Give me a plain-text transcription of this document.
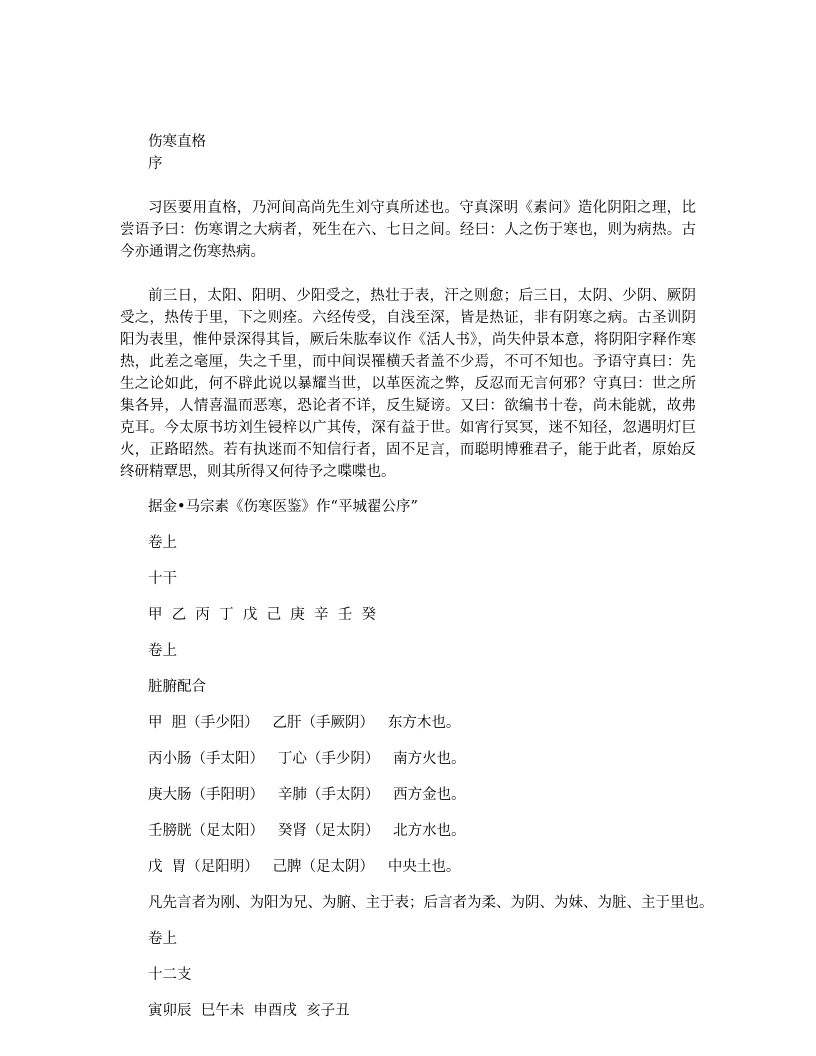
伤寒直格

序

习医要用直格，乃河间高尚先生刘守真所述也。守真深明《素问》造化阴阳之理，比尝语予曰：伤寒谓之大病者，死生在六、七日之间。经曰：人之伤于寒也，则为病热。古今亦通谓之伤寒热病。

前三日，太阳、阳明、少阳受之，热壮于表，汗之则愈；后三日，太阴、少阴、厥阴受之，热传于里，下之则痊。六经传受，自浅至深，皆是热证，非有阴寒之病。古圣训阴阳为表里，惟仲景深得其旨，厥后朱肱奉议作《活人书》，尚失仲景本意，将阴阳字释作寒热，此差之毫厘，失之千里，而中间误罹横夭者盖不少焉，不可不知也。予语守真曰：先生之论如此，何不辟此说以暴耀当世，以革医流之弊，反忍而无言何邪？守真曰：世之所集各异，人情喜温而恶寒，恐论者不详，反生疑谤。又曰：欲编书十卷，尚未能就，故弗克耳。今太原书坊刘生锓梓以广其传，深有益于世。如宵行冥冥，迷不知径，忽遇明灯巨火，正路昭然。若有执迷而不知信行者，固不足言，而聪明博雅君子，能于此者，原始反终研精覃思，则其所得又何待予之喋喋也。

据金•马宗素《伤寒医鉴》作“平城翟公序”

卷上

十干

甲  乙  丙  丁  戊  己  庚  辛  壬  癸

卷上

脏腑配合

甲  胆（手少阳）   乙肝（手厥阴）   东方木也。

丙小肠（手太阳）   丁心（手少阴）   南方火也。

庚大肠（手阳明）   辛肺（手太阴）   西方金也。

壬膀胱（足太阳）   癸肾（足太阴）   北方水也。

戊  胃（足阳明）   己脾（足太阴）   中央土也。

凡先言者为刚、为阳为兄、为腑、主于表；后言者为柔、为阴、为妹、为脏、主于里也。

卷上

十二支

寅卯辰  巳午未  申酉戌  亥子丑
